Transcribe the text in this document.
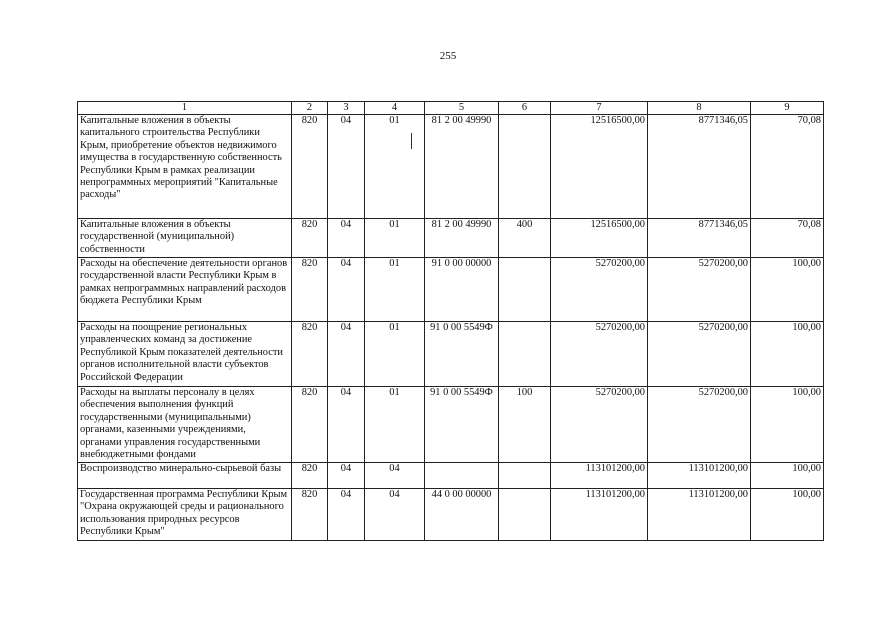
255
1	2	3	4	5	6	7	8	9
Капитальные вложения в объекты капитального строительства Республики Крым, приобретение объектов недвижимого имущества в государственную собственность Республики Крым в рамках реализации непрограммных мероприятий "Капитальные расходы"	820	04	01	81 2 00 49990		12516500,00	8771346,05	70,08
Капитальные вложения в объекты государственной (муниципальной) собственности	820	04	01	81 2 00 49990	400	12516500,00	8771346,05	70,08
Расходы на обеспечение деятельности органов государственной власти Республики Крым в рамках непрограммных направлений расходов бюджета Республики Крым	820	04	01	91 0 00 00000		5270200,00	5270200,00	100,00
Расходы на поощрение региональных управленческих команд за достижение Республикой Крым показателей деятельности органов исполнительной власти субъектов Российской Федерации	820	04	01	91 0 00 5549Ф		5270200,00	5270200,00	100,00
Расходы на выплаты персоналу в целях обеспечения выполнения функций государственными (муниципальными) органами, казенными учреждениями, органами управления государственными внебюджетными фондами	820	04	01	91 0 00 5549Ф	100	5270200,00	5270200,00	100,00
Воспроизводство минерально-сырьевой базы	820	04	04			113101200,00	113101200,00	100,00
Государственная программа Республики Крым "Охрана окружающей среды и рационального использования природных ресурсов Республики Крым"	820	04	04	44 0 00 00000		113101200,00	113101200,00	100,00
